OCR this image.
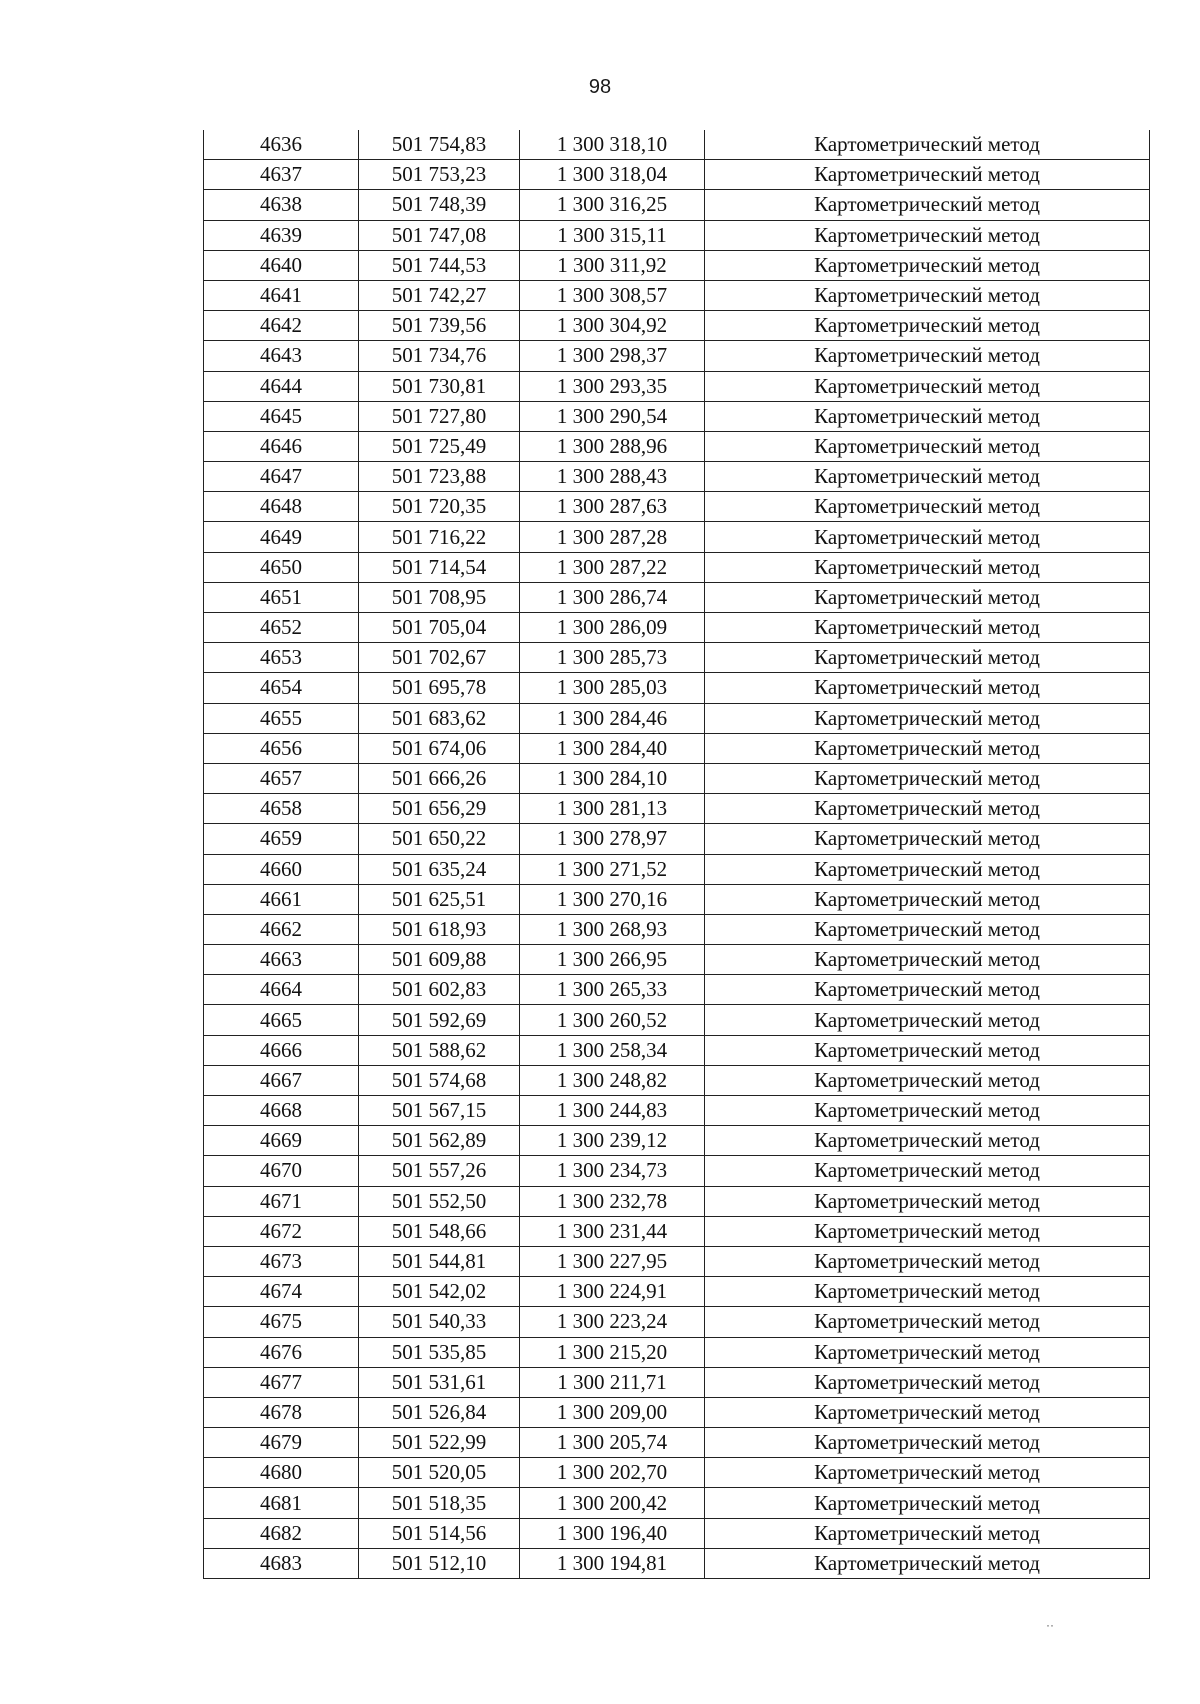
98
4636	501 754,83	1 300 318,10	Картометрический метод
4637	501 753,23	1 300 318,04	Картометрический метод
4638	501 748,39	1 300 316,25	Картометрический метод
4639	501 747,08	1 300 315,11	Картометрический метод
4640	501 744,53	1 300 311,92	Картометрический метод
4641	501 742,27	1 300 308,57	Картометрический метод
4642	501 739,56	1 300 304,92	Картометрический метод
4643	501 734,76	1 300 298,37	Картометрический метод
4644	501 730,81	1 300 293,35	Картометрический метод
4645	501 727,80	1 300 290,54	Картометрический метод
4646	501 725,49	1 300 288,96	Картометрический метод
4647	501 723,88	1 300 288,43	Картометрический метод
4648	501 720,35	1 300 287,63	Картометрический метод
4649	501 716,22	1 300 287,28	Картометрический метод
4650	501 714,54	1 300 287,22	Картометрический метод
4651	501 708,95	1 300 286,74	Картометрический метод
4652	501 705,04	1 300 286,09	Картометрический метод
4653	501 702,67	1 300 285,73	Картометрический метод
4654	501 695,78	1 300 285,03	Картометрический метод
4655	501 683,62	1 300 284,46	Картометрический метод
4656	501 674,06	1 300 284,40	Картометрический метод
4657	501 666,26	1 300 284,10	Картометрический метод
4658	501 656,29	1 300 281,13	Картометрический метод
4659	501 650,22	1 300 278,97	Картометрический метод
4660	501 635,24	1 300 271,52	Картометрический метод
4661	501 625,51	1 300 270,16	Картометрический метод
4662	501 618,93	1 300 268,93	Картометрический метод
4663	501 609,88	1 300 266,95	Картометрический метод
4664	501 602,83	1 300 265,33	Картометрический метод
4665	501 592,69	1 300 260,52	Картометрический метод
4666	501 588,62	1 300 258,34	Картометрический метод
4667	501 574,68	1 300 248,82	Картометрический метод
4668	501 567,15	1 300 244,83	Картометрический метод
4669	501 562,89	1 300 239,12	Картометрический метод
4670	501 557,26	1 300 234,73	Картометрический метод
4671	501 552,50	1 300 232,78	Картометрический метод
4672	501 548,66	1 300 231,44	Картометрический метод
4673	501 544,81	1 300 227,95	Картометрический метод
4674	501 542,02	1 300 224,91	Картометрический метод
4675	501 540,33	1 300 223,24	Картометрический метод
4676	501 535,85	1 300 215,20	Картометрический метод
4677	501 531,61	1 300 211,71	Картометрический метод
4678	501 526,84	1 300 209,00	Картометрический метод
4679	501 522,99	1 300 205,74	Картометрический метод
4680	501 520,05	1 300 202,70	Картометрический метод
4681	501 518,35	1 300 200,42	Картометрический метод
4682	501 514,56	1 300 196,40	Картометрический метод
4683	501 512,10	1 300 194,81	Картометрический метод
··
